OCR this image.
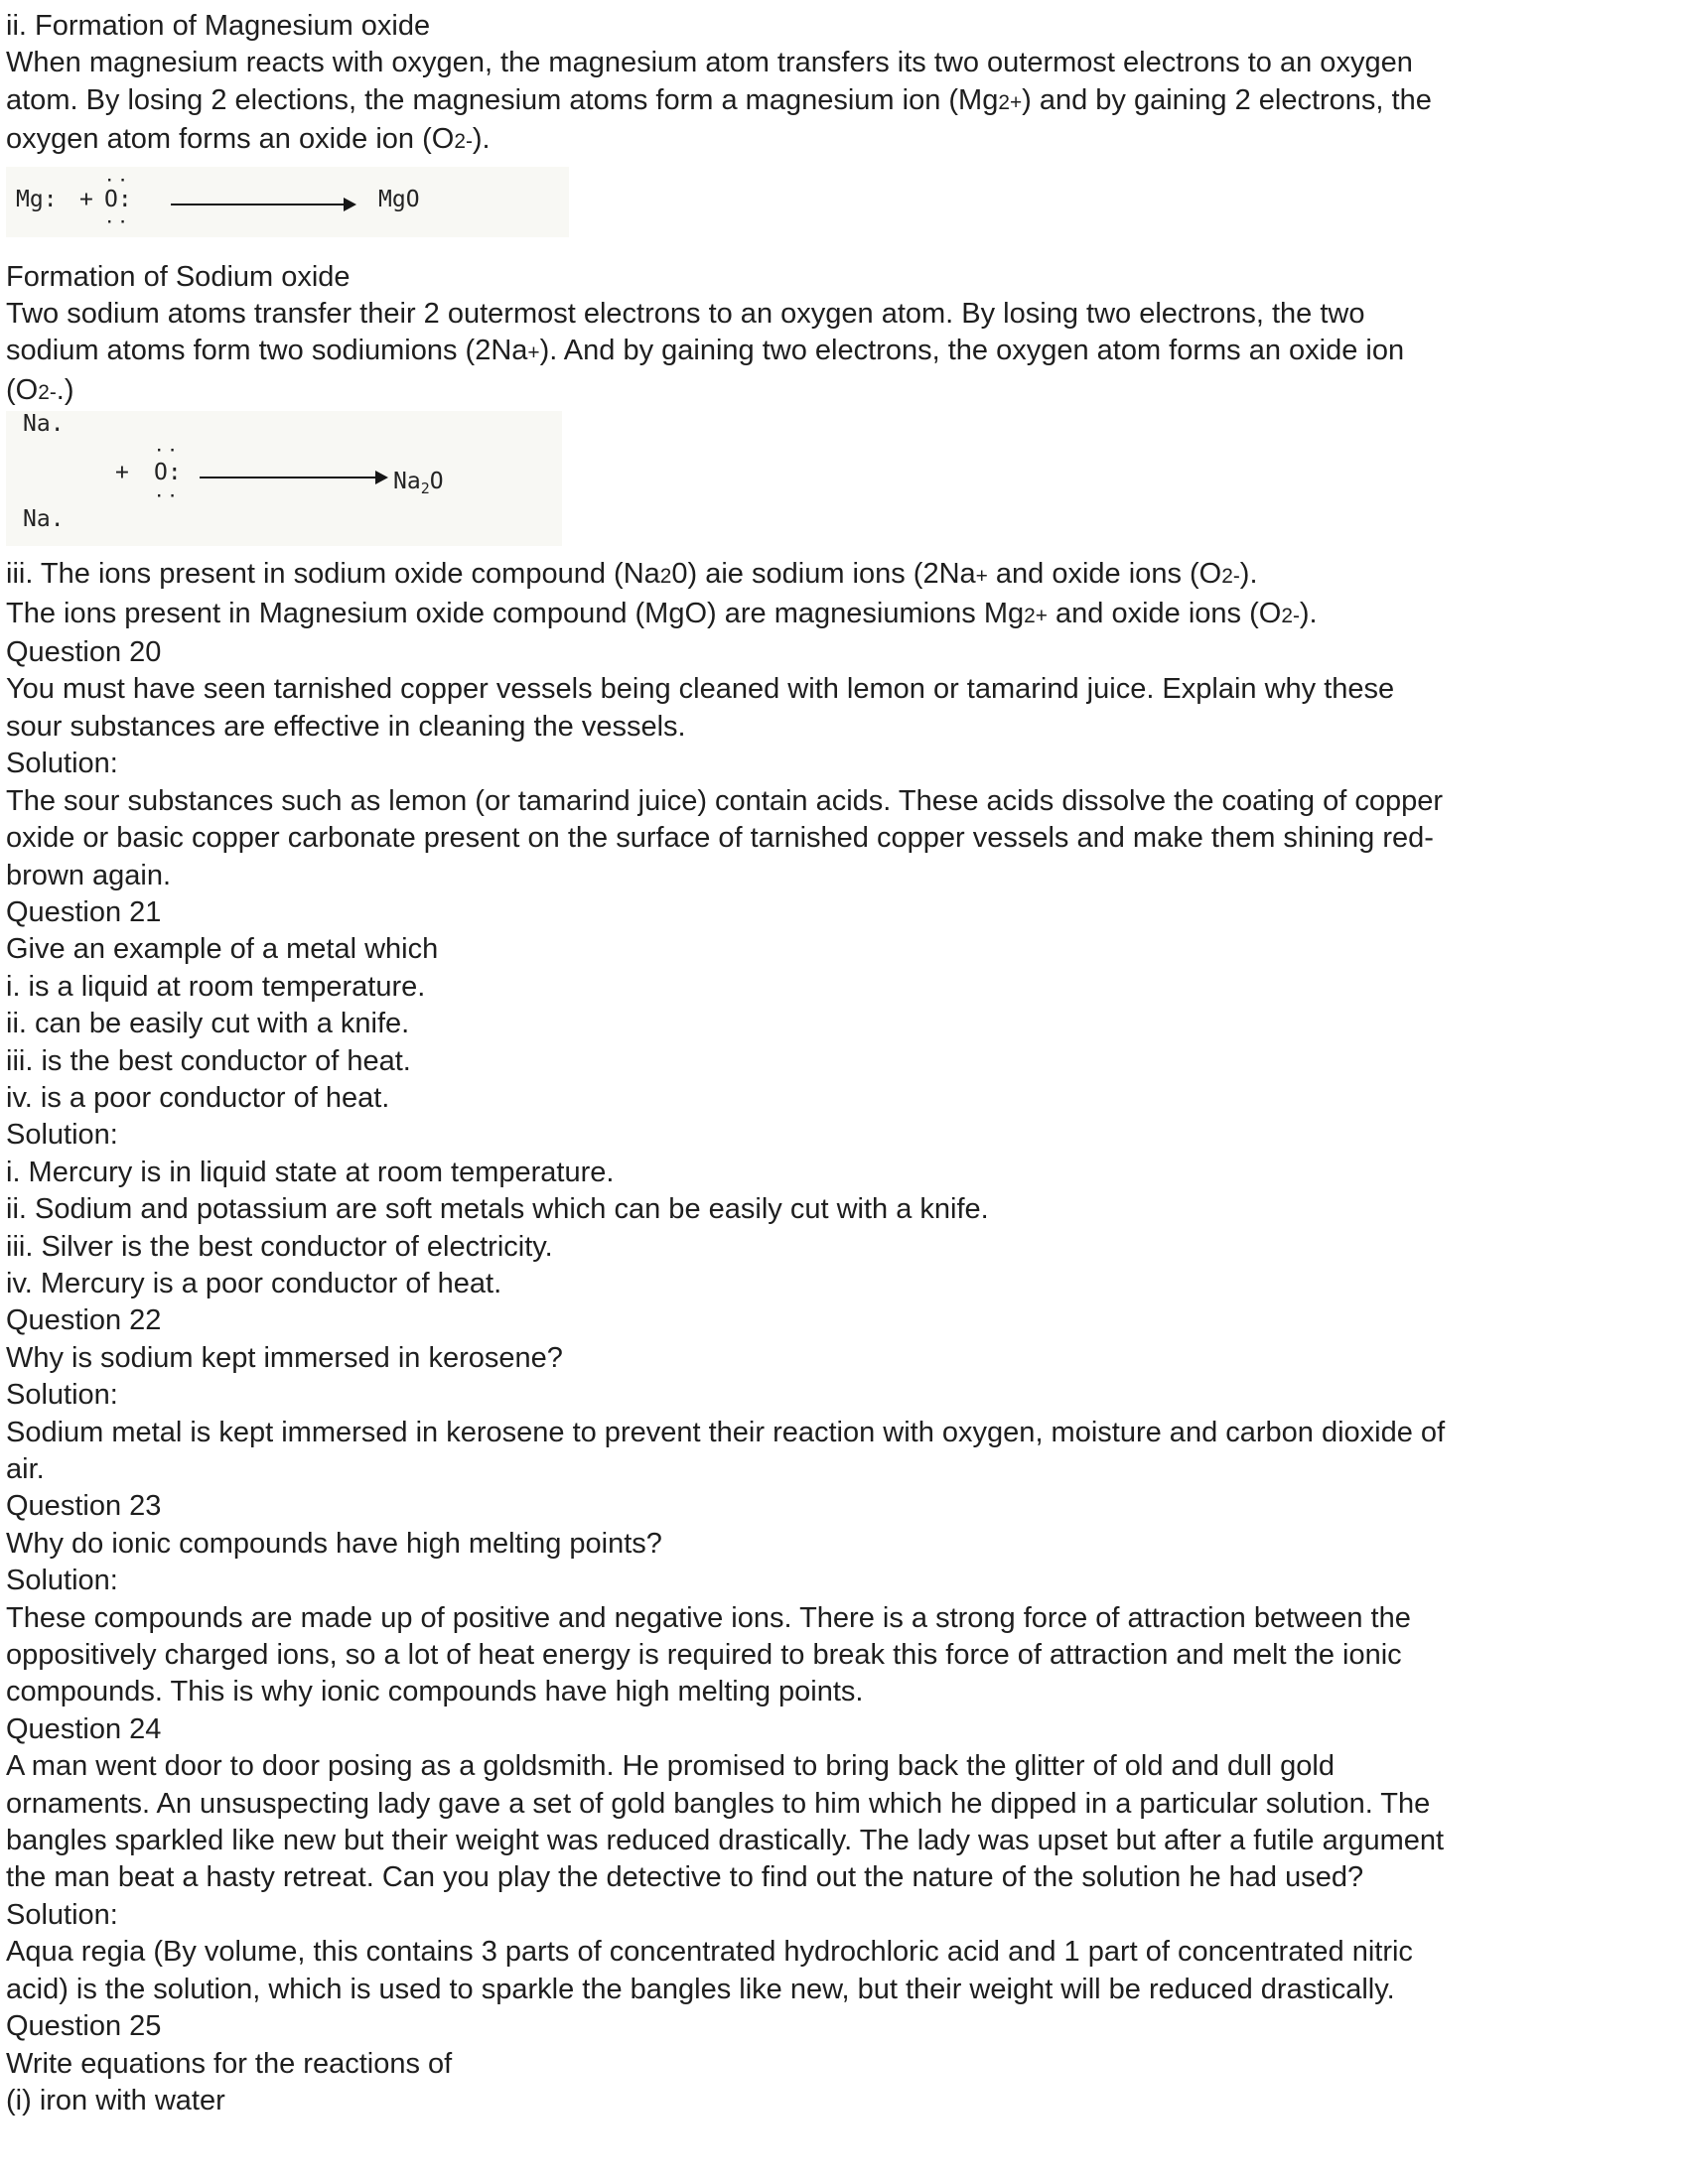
ii. Formation of Magnesium oxide
When magnesium reacts with oxygen, the magnesium atom transfers its two outermost electrons to an oxygen
atom. By losing 2 elections, the magnesium atoms form a magnesium ion (Mg2+) and by gaining 2 electrons, the
oxygen atom forms an oxide ion (O2-).
Mg: +
··
O:
··
MgO
Formation of Sodium oxide
Two sodium atoms transfer their 2 outermost electrons to an oxygen atom. By losing two electrons, the two
sodium atoms form two sodiumions (2Na+). And by gaining two electrons, the oxygen atom forms an oxide ion
(O2-.)
Na.
+
··
O:
··
$Na_2O$
Na.
iii. The ions present in sodium oxide compound (Na20) aie sodium ions (2Na+ and oxide ions (O2-).
The ions present in Magnesium oxide compound (MgO) are magnesiumions Mg2+ and oxide ions (O2-).
Question 20
You must have seen tarnished copper vessels being cleaned with lemon or tamarind juice. Explain why these
sour substances are effective in cleaning the vessels.
Solution:
The sour substances such as lemon (or tamarind juice) contain acids. These acids dissolve the coating of copper
oxide or basic copper carbonate present on the surface of tarnished copper vessels and make them shining red-
brown again.
Question 21
Give an example of a metal which
i. is a liquid at room temperature.
ii. can be easily cut with a knife.
iii. is the best conductor of heat.
iv. is a poor conductor of heat.
Solution:
i. Mercury is in liquid state at room temperature.
ii. Sodium and potassium are soft metals which can be easily cut with a knife.
iii. Silver is the best conductor of electricity.
iv. Mercury is a poor conductor of heat.
Question 22
Why is sodium kept immersed in kerosene?
Solution:
Sodium metal is kept immersed in kerosene to prevent their reaction with oxygen, moisture and carbon dioxide of
air.
Question 23
Why do ionic compounds have high melting points?
Solution:
These compounds are made up of positive and negative ions. There is a strong force of attraction between the
oppositively charged ions, so a lot of heat energy is required to break this force of attraction and melt the ionic
compounds. This is why ionic compounds have high melting points.
Question 24
A man went door to door posing as a goldsmith. He promised to bring back the glitter of old and dull gold
ornaments. An unsuspecting lady gave a set of gold bangles to him which he dipped in a particular solution. The
bangles sparkled like new but their weight was reduced drastically. The lady was upset but after a futile argument
the man beat a hasty retreat. Can you play the detective to find out the nature of the solution he had used?
Solution:
Aqua regia (By volume, this contains 3 parts of concentrated hydrochloric acid and 1 part of concentrated nitric
acid) is the solution, which is used to sparkle the bangles like new, but their weight will be reduced drastically.
Question 25
Write equations for the reactions of
(i) iron with water
